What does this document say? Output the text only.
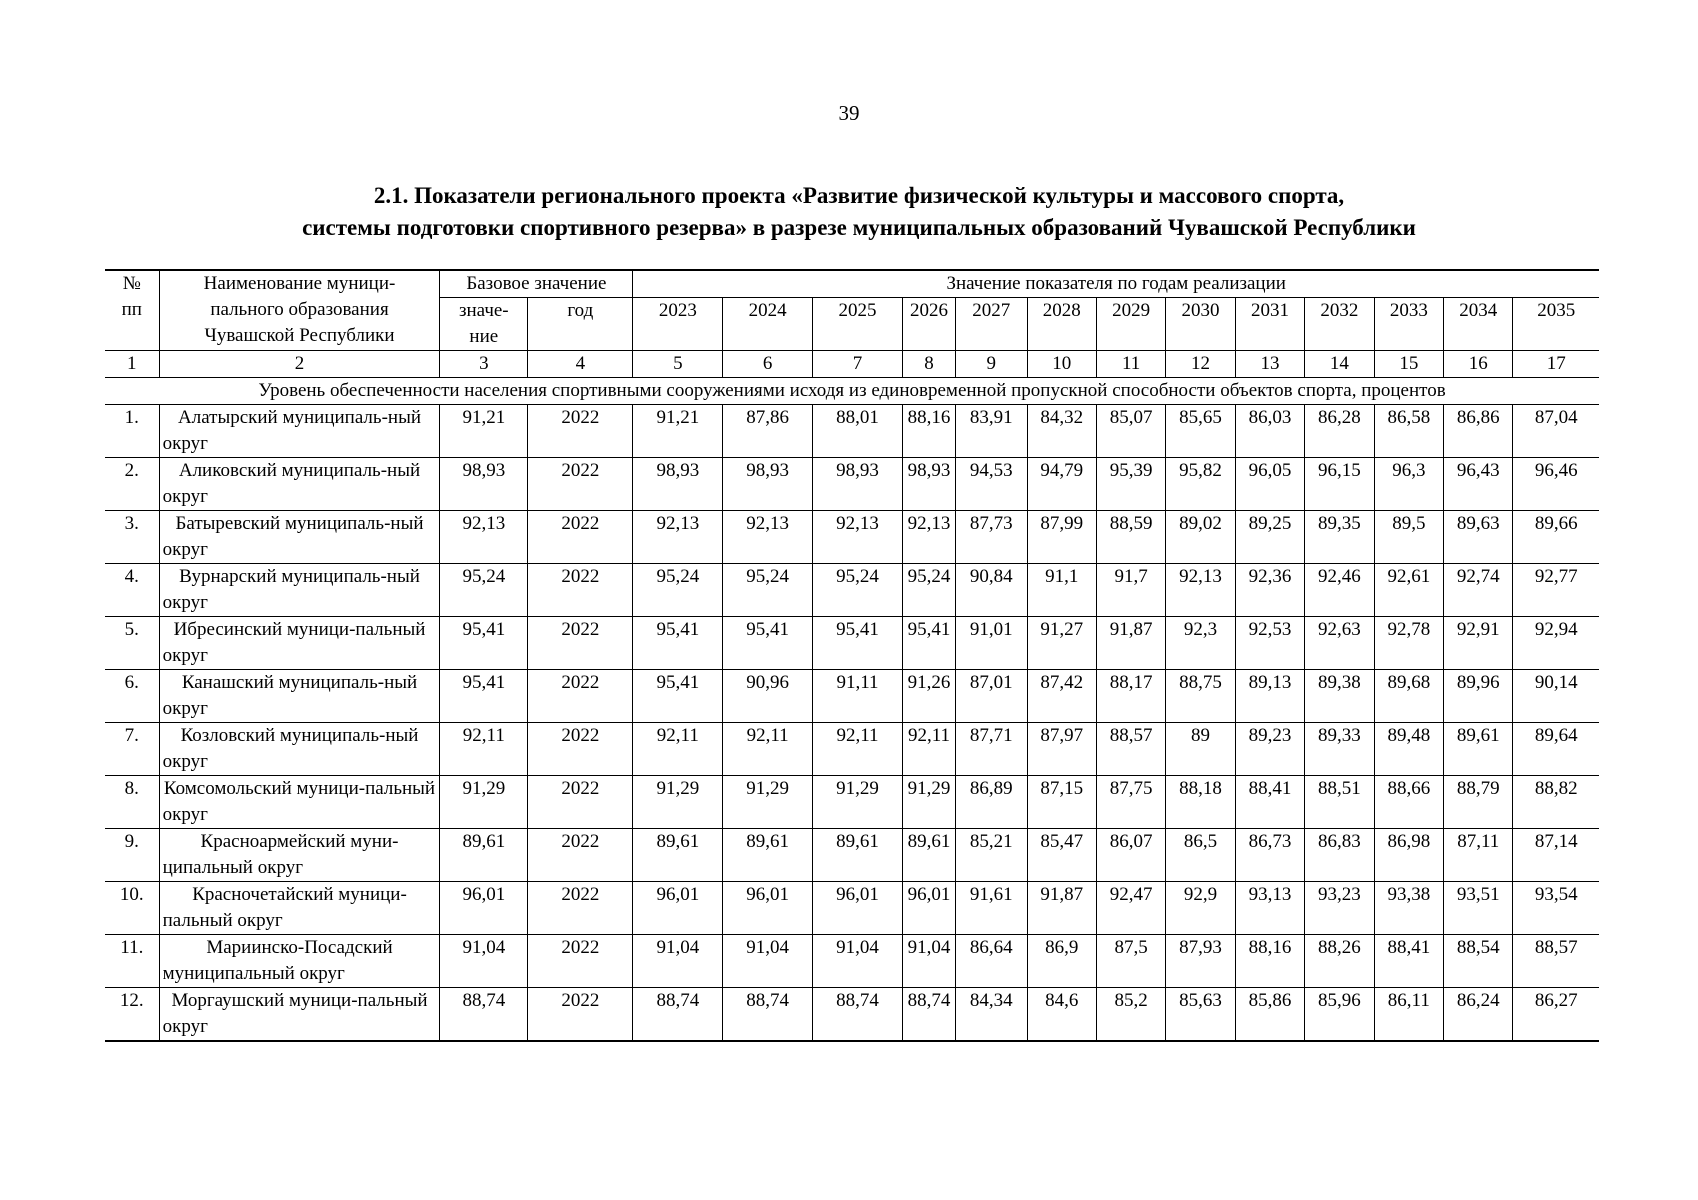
39
2.1. Показатели регионального проекта «Развитие физической культуры и массового спорта,
системы подготовки спортивного резерва» в разрезе муниципальных образований Чувашской Республики
№ пп	Наименование муници-пального образования Чувашской Республики	Базовое значение		Значение показателя по годам реализации												
		значе-ние	год	2023	2024	2025	2026	2027	2028	2029	2030	2031	2032	2033	2034	2035
1	2	3	4	5	6	7	8	9	10	11	12	13	14	15	16	17
Уровень обеспеченности населения спортивными сооружениями исходя из единовременной пропускной способности объектов спорта, процентов																
1.	Алатырский муниципаль-ный округ	91,21	2022	91,21	87,86	88,01	88,16	83,91	84,32	85,07	85,65	86,03	86,28	86,58	86,86	87,04
2.	Аликовский муниципаль-ный округ	98,93	2022	98,93	98,93	98,93	98,93	94,53	94,79	95,39	95,82	96,05	96,15	96,3	96,43	96,46
3.	Батыревский муниципаль-ный округ	92,13	2022	92,13	92,13	92,13	92,13	87,73	87,99	88,59	89,02	89,25	89,35	89,5	89,63	89,66
4.	Вурнарский муниципаль-ный округ	95,24	2022	95,24	95,24	95,24	95,24	90,84	91,1	91,7	92,13	92,36	92,46	92,61	92,74	92,77
5.	Ибресинский муници-пальный округ	95,41	2022	95,41	95,41	95,41	95,41	91,01	91,27	91,87	92,3	92,53	92,63	92,78	92,91	92,94
6.	Канашский муниципаль-ный округ	95,41	2022	95,41	90,96	91,11	91,26	87,01	87,42	88,17	88,75	89,13	89,38	89,68	89,96	90,14
7.	Козловский муниципаль-ный округ	92,11	2022	92,11	92,11	92,11	92,11	87,71	87,97	88,57	89	89,23	89,33	89,48	89,61	89,64
8.	Комсомольский муници-пальный округ	91,29	2022	91,29	91,29	91,29	91,29	86,89	87,15	87,75	88,18	88,41	88,51	88,66	88,79	88,82
9.	Красноармейский муни-ципальный округ	89,61	2022	89,61	89,61	89,61	89,61	85,21	85,47	86,07	86,5	86,73	86,83	86,98	87,11	87,14
10.	Красночетайский муници-пальный округ	96,01	2022	96,01	96,01	96,01	96,01	91,61	91,87	92,47	92,9	93,13	93,23	93,38	93,51	93,54
11.	Мариинско-Посадский муниципальный округ	91,04	2022	91,04	91,04	91,04	91,04	86,64	86,9	87,5	87,93	88,16	88,26	88,41	88,54	88,57
12.	Моргаушский муници-пальный округ	88,74	2022	88,74	88,74	88,74	88,74	84,34	84,6	85,2	85,63	85,86	85,96	86,11	86,24	86,27
